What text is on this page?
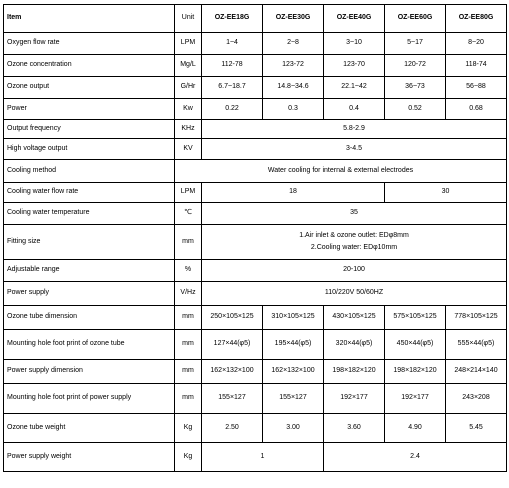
Item	Unit	OZ-EE18G	OZ-EE30G	OZ-EE40G	OZ-EE60G	OZ-EE80G
Oxygen flow rate	LPM	1~4	2~8	3~10	5~17	8~20
Ozone concentration	Mg/L	112-78	123-72	123-70	120-72	118-74
Ozone output	G/Hr	6.7~18.7	14.8~34.6	22.1~42	36~73	56~88
Power	Kw	0.22	0.3	0.4	0.52	0.68
Output frequency	KHz	5.8-2.9				
High voltage output	KV	3-4.5				
Cooling method	Water cooling for internal & external electrodes					
Cooling water flow rate	LPM	18			30	
Cooling water temperature	℃	35				
Fitting size	mm	1.Air inlet & ozone outlet: EDφ8mm
2.Cooling water: EDφ10mm				

Adjustable range	%	20-100				
Power supply	V/Hz	110/220V 50/60HZ				
Ozone tube dimension	mm	250×105×125	310×105×125	430×105×125	575×105×125	778×105×125
Mounting hole foot print of ozone tube	mm	127×44(φ5)	195×44(φ5)	320×44(φ5)	450×44(φ5)	555×44(φ5)
Power supply dimension	mm	162×132×100	162×132×100	198×182×120	198×182×120	248×214×140
Mounting hole foot print of power supply	mm	155×127	155×127	192×177	192×177	243×208
Ozone tube weight	Kg	2.50	3.00	3.60	4.90	5.45
Power supply weight	Kg	1		2.4		
